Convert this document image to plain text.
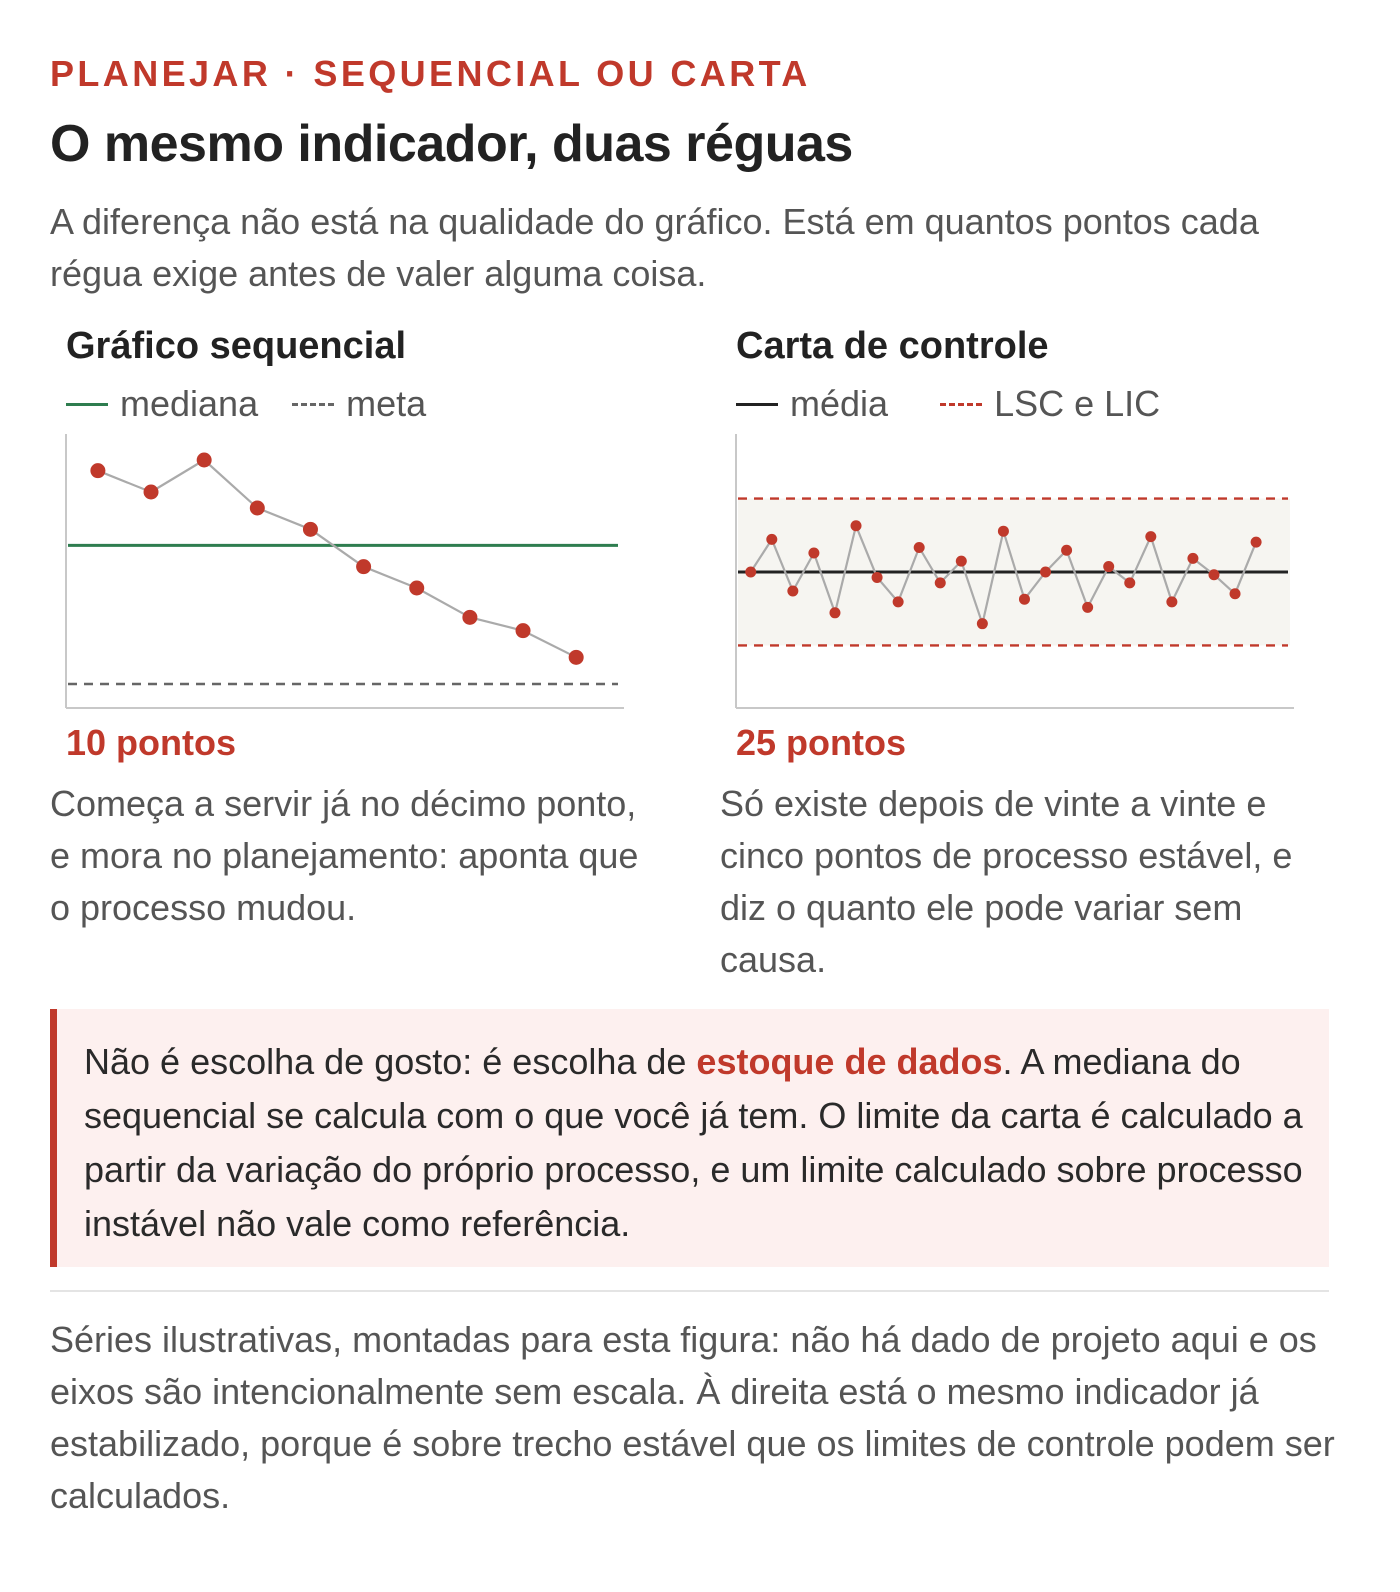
PLANEJAR · SEQUENCIAL OU CARTA

O mesmo indicador, duas réguas

A diferença não está na qualidade do gráfico. Está em quantos pontos cada régua exige antes de valer alguma coisa.

Gráfico sequencial
mediana meta

10 pontos

Começa a servir já no décimo ponto, e mora no planejamento: aponta que o processo mudou.

Carta de controle
média	LSC e LIC

25 pontos

Só existe depois de vinte a vinte e cinco pontos de processo estável, e diz o quanto ele pode variar sem causa.

Não é escolha de gosto: é escolha de estoque de dados. A mediana do sequencial se calcula com o que você já tem. O limite da carta é calculado a partir da variação do próprio processo, e um limite calculado sobre processo instável não vale como referência.

Séries ilustrativas, montadas para esta figura: não há dado de projeto aqui e os eixos são intencionalmente sem escala. À direita está o mesmo indicador já estabilizado, porque é sobre trecho estável que os limites de controle podem ser calculados.
